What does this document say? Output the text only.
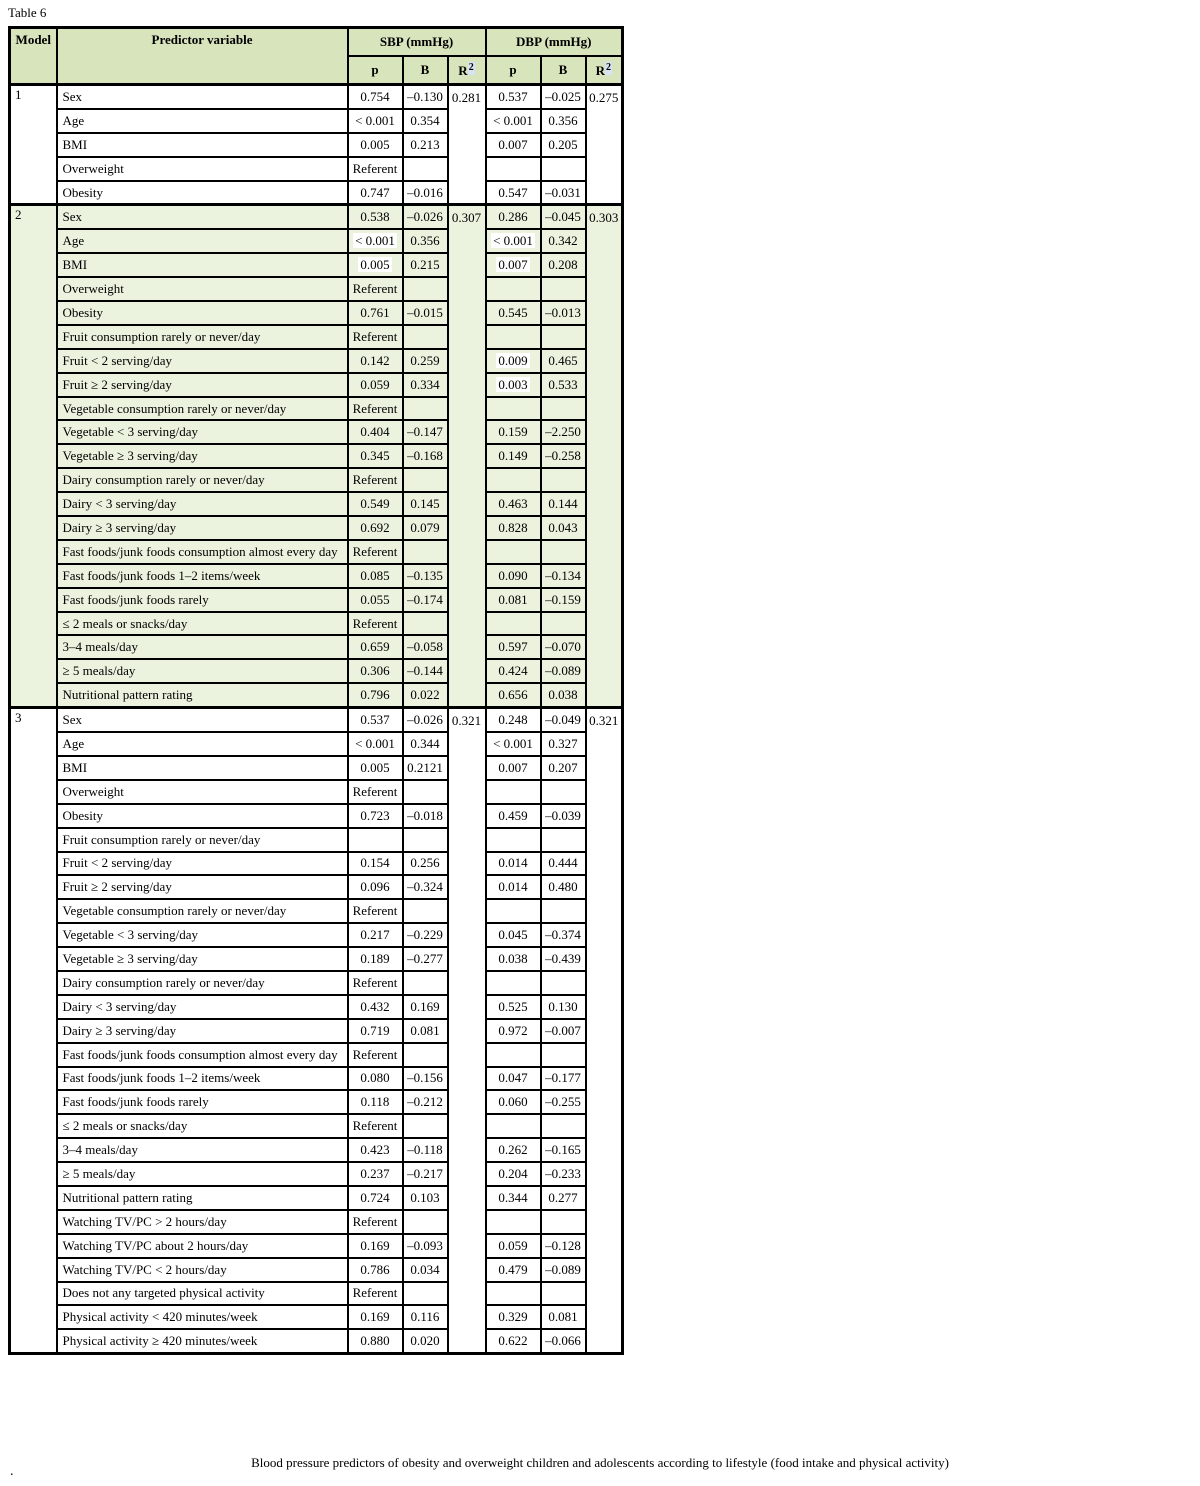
Table 6
Model	Predictor variable	SBP (mmHg)			DBP (mmHg)		
		p	B	$R^2$	p	B	$R^2$
1	Sex	0.754	–0.130	0.281	0.537	–0.025	0.275
	Age	< 0.001	0.354		< 0.001	0.356	
	BMI	0.005	0.213		0.007	0.205	
	Overweight	Referent					
	Obesity	0.747	–0.016		0.547	–0.031	
2	Sex	0.538	–0.026	0.307	0.286	–0.045	0.303
	Age	< 0.001	0.356		< 0.001	0.342	
	BMI	0.005	0.215		0.007	0.208	
	Overweight	Referent					
	Obesity	0.761	–0.015		0.545	–0.013	
	Fruit consumption rarely or never/day	Referent					
	Fruit < 2 serving/day	0.142	0.259		0.009	0.465	
	Fruit ≥ 2 serving/day	0.059	0.334		0.003	0.533	
	Vegetable consumption rarely or never/day	Referent					
	Vegetable < 3 serving/day	0.404	–0.147		0.159	–2.250	
	Vegetable ≥ 3 serving/day	0.345	–0.168		0.149	–0.258	
	Dairy consumption rarely or never/day	Referent					
	Dairy < 3 serving/day	0.549	0.145		0.463	0.144	
	Dairy ≥ 3 serving/day	0.692	0.079		0.828	0.043	
	Fast foods/junk foods consumption almost every day	Referent					
	Fast foods/junk foods 1–2 items/week	0.085	–0.135		0.090	–0.134	
	Fast foods/junk foods rarely	0.055	–0.174		0.081	–0.159	
	≤ 2 meals or snacks/day	Referent					
	3–4 meals/day	0.659	–0.058		0.597	–0.070	
	≥ 5 meals/day	0.306	–0.144		0.424	–0.089	
	Nutritional pattern rating	0.796	0.022		0.656	0.038	
3	Sex	0.537	–0.026	0.321	0.248	–0.049	0.321
	Age	< 0.001	0.344		< 0.001	0.327	
	BMI	0.005	0.2121		0.007	0.207	
	Overweight	Referent					
	Obesity	0.723	–0.018		0.459	–0.039	
	Fruit consumption rarely or never/day						
	Fruit < 2 serving/day	0.154	0.256		0.014	0.444	
	Fruit ≥ 2 serving/day	0.096	–0.324		0.014	0.480	
	Vegetable consumption rarely or never/day	Referent					
	Vegetable < 3 serving/day	0.217	–0.229		0.045	–0.374	
	Vegetable ≥ 3 serving/day	0.189	–0.277		0.038	–0.439	
	Dairy consumption rarely or never/day	Referent					
	Dairy < 3 serving/day	0.432	0.169		0.525	0.130	
	Dairy ≥ 3 serving/day	0.719	0.081		0.972	–0.007	
	Fast foods/junk foods consumption almost every day	Referent					
	Fast foods/junk foods 1–2 items/week	0.080	–0.156		0.047	–0.177	
	Fast foods/junk foods rarely	0.118	–0.212		0.060	–0.255	
	≤ 2 meals or snacks/day	Referent					
	3–4 meals/day	0.423	–0.118		0.262	–0.165	
	≥ 5 meals/day	0.237	–0.217		0.204	–0.233	
	Nutritional pattern rating	0.724	0.103		0.344	0.277	
	Watching TV/PC > 2 hours/day	Referent					
	Watching TV/PC about 2 hours/day	0.169	–0.093		0.059	–0.128	
	Watching TV/PC < 2 hours/day	0.786	0.034		0.479	–0.089	
	Does not any targeted physical activity	Referent					
	Physical activity < 420 minutes/week	0.169	0.116		0.329	0.081	
	Physical activity ≥ 420 minutes/week	0.880	0.020		0.622	–0.066	
Blood pressure predictors of obesity and overweight children and adolescents according to lifestyle (food intake and physical activity)
.
